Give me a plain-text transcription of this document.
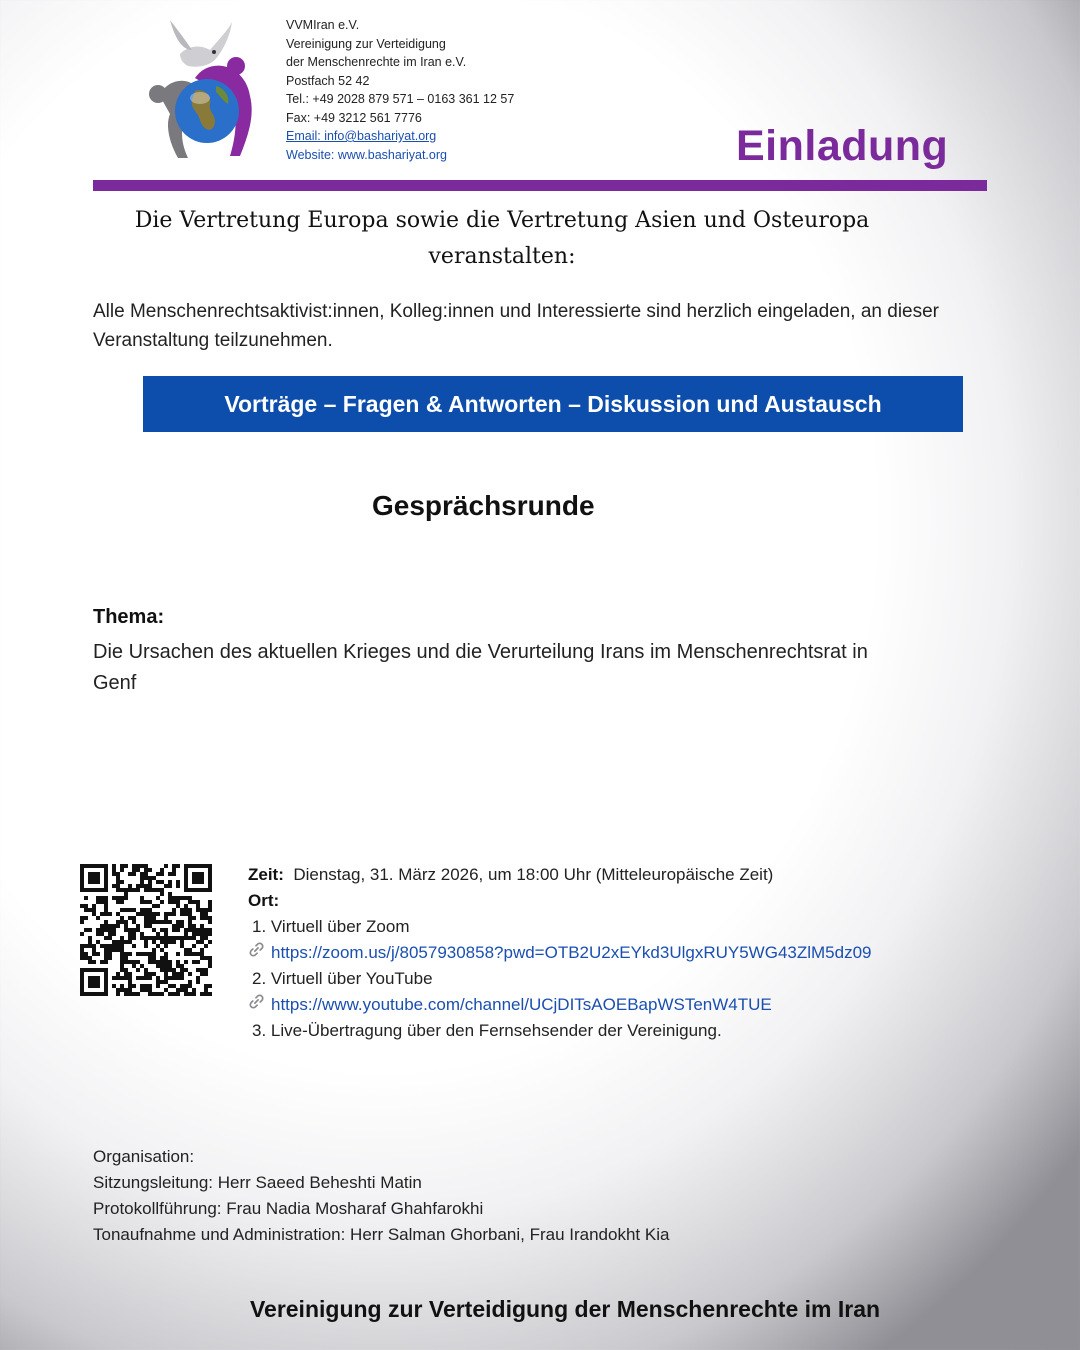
VVMIran e.V.
Vereinigung zur Verteidigung
der Menschenrechte im Iran e.V.
Postfach 52 42
Tel.: +49 2028 879 571 – 0163 361 12 57
Fax: +49 3212 561 7776
Email: info@bashariyat.org
Website: www.bashariyat.org	Einladung
Die Vertretung Europa sowie die Vertretung Asien und Osteuropa veranstalten:
Alle Menschenrechtsaktivist:innen, Kolleg:innen und Interessierte sind herzlich eingeladen, an dieser Veranstaltung teilzunehmen.
Vorträge – Fragen & Antworten – Diskussion und Austausch
Gesprächsrunde
Thema:
Die Ursachen des aktuellen Krieges und die Verurteilung Irans im Menschenrechtsrat in Genf
Zeit: Dienstag, 31. März 2026, um 18:00 Uhr (Mitteleuropäische Zeit)
Ort:
1. Virtuell über Zoom
https://zoom.us/j/8057930858?pwd=OTB2U2xEYkd3UlgxRUY5WG43ZlM5dz09
2. Virtuell über YouTube
https://www.youtube.com/channel/UCjDITsAOEBapWSTenW4TUE
3. Live-Übertragung über den Fernsehsender der Vereinigung.
Organisation:
Sitzungsleitung: Herr Saeed Beheshti Matin
Protokollführung: Frau Nadia Mosharaf Ghahfarokhi
Tonaufnahme und Administration: Herr Salman Ghorbani, Frau Irandokht Kia
Vereinigung zur Verteidigung der Menschenrechte im Iran
